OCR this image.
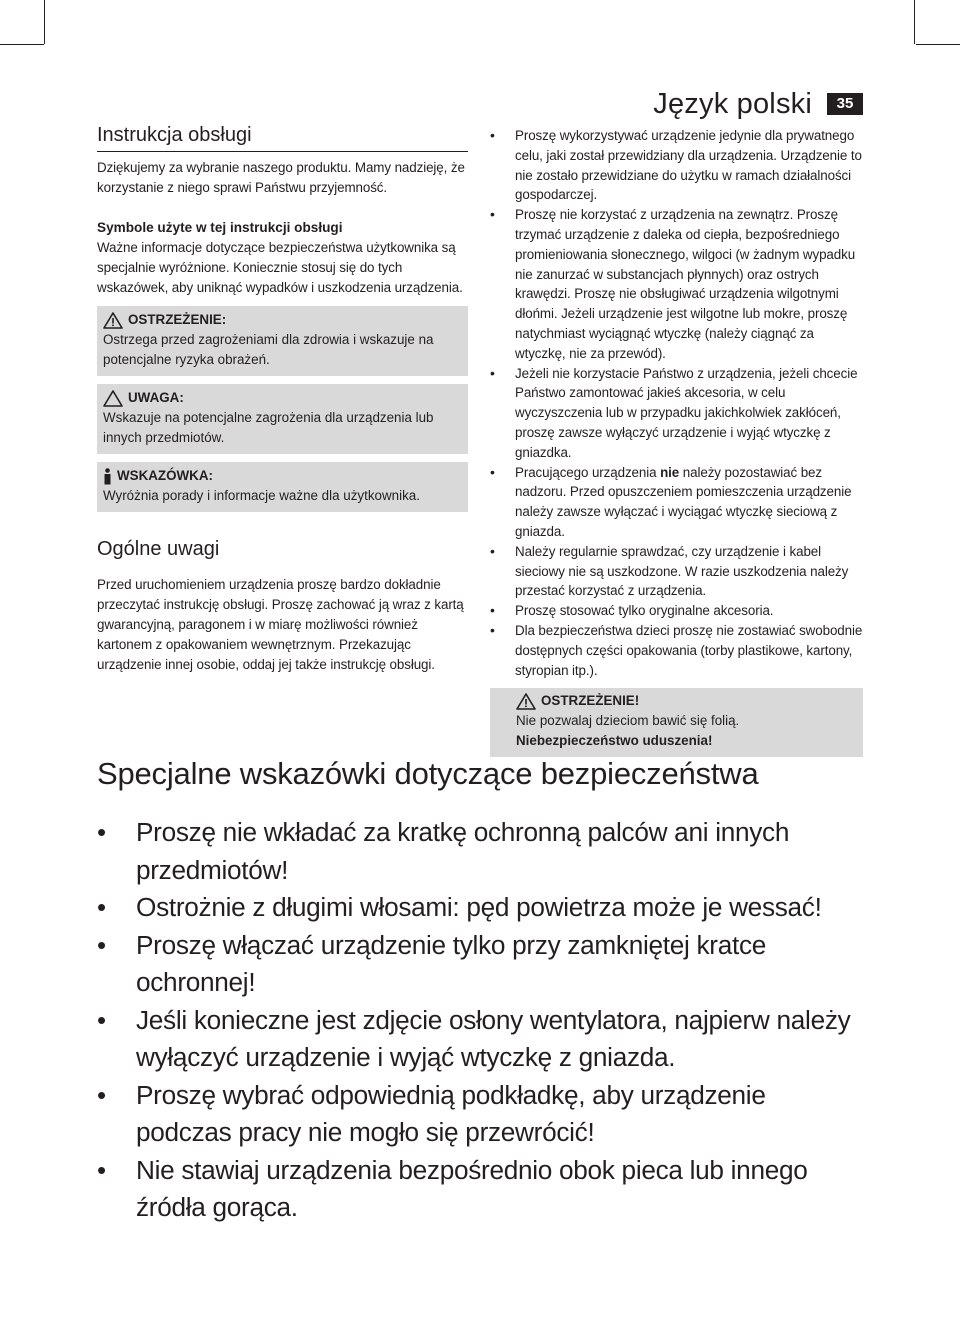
Język polski	35
Instrukcja obsługi

Dziękujemy za wybranie naszego produktu. Mamy nadzieję, że korzystanie z niego sprawi Państwu przyjemność.

Symbole użyte w tej instrukcji obsługi

Ważne informacje dotyczące bezpieczeństwa użytkownika są specjalnie wyróżnione. Koniecznie stosuj się do tych wskazówek, aby uniknąć wypadków i uszkodzenia urządzenia.

OSTRZEŻENIE:
Ostrzega przed zagrożeniami dla zdrowia i wskazuje na potencjalne ryzyka obrażeń.
UWAGA:
Wskazuje na potencjalne zagrożenia dla urządzenia lub innych przedmiotów.
WSKAZÓWKA:
Wyróżnia porady i informacje ważne dla użytkownika.
Ogólne uwagi

Przed uruchomieniem urządzenia proszę bardzo dokładnie przeczytać instrukcję obsługi. Proszę zachować ją wraz z kartą gwarancyjną, paragonem i w miarę możliwości również kartonem z opakowaniem wewnętrznym. Przekazując urządzenie innej osobie, oddaj jej także instrukcję obsługi.

• Proszę wykorzystywać urządzenie jedynie dla prywatnego celu, jaki został przewidziany dla urządzenia. Urządzenie to nie zostało przewidziane do użytku w ramach działalności gospodarczej.
• Proszę nie korzystać z urządzenia na zewnątrz. Proszę trzymać urządzenie z daleka od ciepła, bezpośredniego promieniowania słonecznego, wilgoci (w żadnym wypadku nie zanurzać w substancjach płynnych) oraz ostrych krawędzi. Proszę nie obsługiwać urządzenia wilgotnymi dłońmi. Jeżeli urządzenie jest wilgotne lub mokre, proszę natychmiast wyciągnąć wtyczkę (należy ciągnąć za wtyczkę, nie za przewód).
• Jeżeli nie korzystacie Państwo z urządzenia, jeżeli chcecie Państwo zamontować jakieś akcesoria, w celu wyczyszczenia lub w przypadku jakichkolwiek zakłóceń, proszę zawsze wyłączyć urządzenie i wyjąć wtyczkę z gniazdka.
• Pracującego urządzenia nie należy pozostawiać bez nadzoru. Przed opuszczeniem pomieszczenia urządzenie należy zawsze wyłączać i wyciągać wtyczkę sieciową z gniazda.
• Należy regularnie sprawdzać, czy urządzenie i kabel sieciowy nie są uszkodzone. W razie uszkodzenia należy przestać korzystać z urządzenia.
• Proszę stosować tylko oryginalne akcesoria.
• Dla bezpieczeństwa dzieci proszę nie zostawiać swobodnie dostępnych części opakowania (torby plastikowe, kartony, styropian itp.).
OSTRZEŻENIE!
Nie pozwalaj dzieciom bawić się folią. Niebezpieczeństwo uduszenia!
Specjalne wskazówki dotyczące bezpieczeństwa
• Proszę nie wkładać za kratkę ochronną palców ani innych przedmiotów!
• Ostrożnie z długimi włosami: pęd powietrza może je wessać!
• Proszę włączać urządzenie tylko przy zamkniętej kratce ochronnej!
• Jeśli konieczne jest zdjęcie osłony wentylatora, najpierw należy wyłączyć urządzenie i wyjąć wtyczkę z gniazda.
• Proszę wybrać odpowiednią podkładkę, aby urządzenie podczas pracy nie mogło się przewrócić!
• Nie stawiaj urządzenia bezpośrednio obok pieca lub innego źródła gorąca.
